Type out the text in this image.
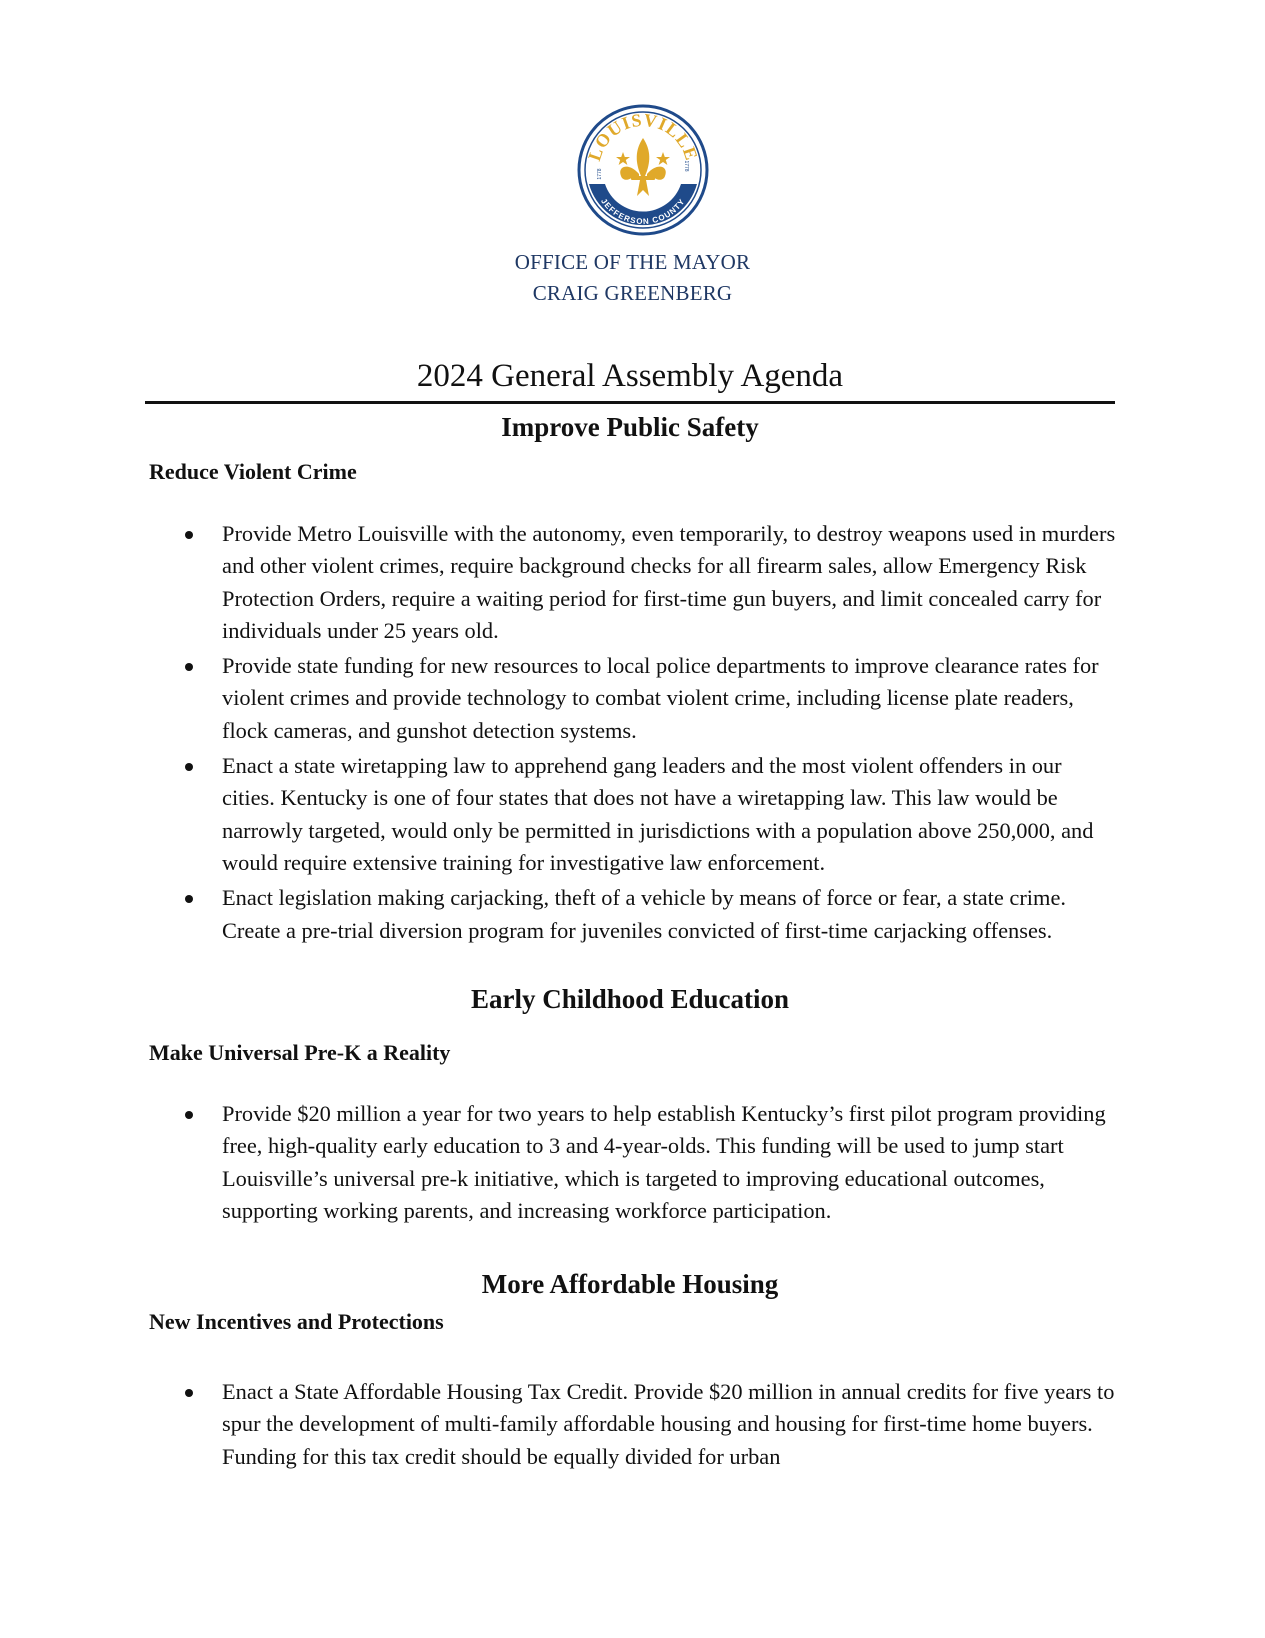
LOUISVILLE
JEFFERSON COUNTY
1778
1778
OFFICE OF THE MAYOR
CRAIG GREENBERG
2024 General Assembly Agenda
Improve Public Safety
Reduce Violent Crime
Provide Metro Louisville with the autonomy, even temporarily, to destroy weapons used in murders and other violent crimes, require background checks for all firearm sales, allow Emergency Risk Protection Orders, require a waiting period for first-time gun buyers, and limit concealed carry for individuals under 25 years old.
Provide state funding for new resources to local police departments to improve clearance rates for violent crimes and provide technology to combat violent crime, including license plate readers, flock cameras, and gunshot detection systems.
Enact a state wiretapping law to apprehend gang leaders and the most violent offenders in our cities. Kentucky is one of four states that does not have a wiretapping law. This law would be narrowly targeted, would only be permitted in jurisdictions with a population above 250,000, and would require extensive training for investigative law enforcement.
Enact legislation making carjacking, theft of a vehicle by means of force or fear, a state crime. Create a pre-trial diversion program for juveniles convicted of first-time carjacking offenses.
Early Childhood Education
Make Universal Pre-K a Reality
Provide $20 million a year for two years to help establish Kentucky’s first pilot program providing free, high-quality early education to 3 and 4-year-olds. This funding will be used to jump start Louisville’s universal pre-k initiative, which is targeted to improving educational outcomes, supporting working parents, and increasing workforce participation.
More Affordable Housing
New Incentives and Protections
Enact a State Affordable Housing Tax Credit. Provide $20 million in annual credits for five years to spur the development of multi-family affordable housing and housing for first-time home buyers. Funding for this tax credit should be equally divided for urban
